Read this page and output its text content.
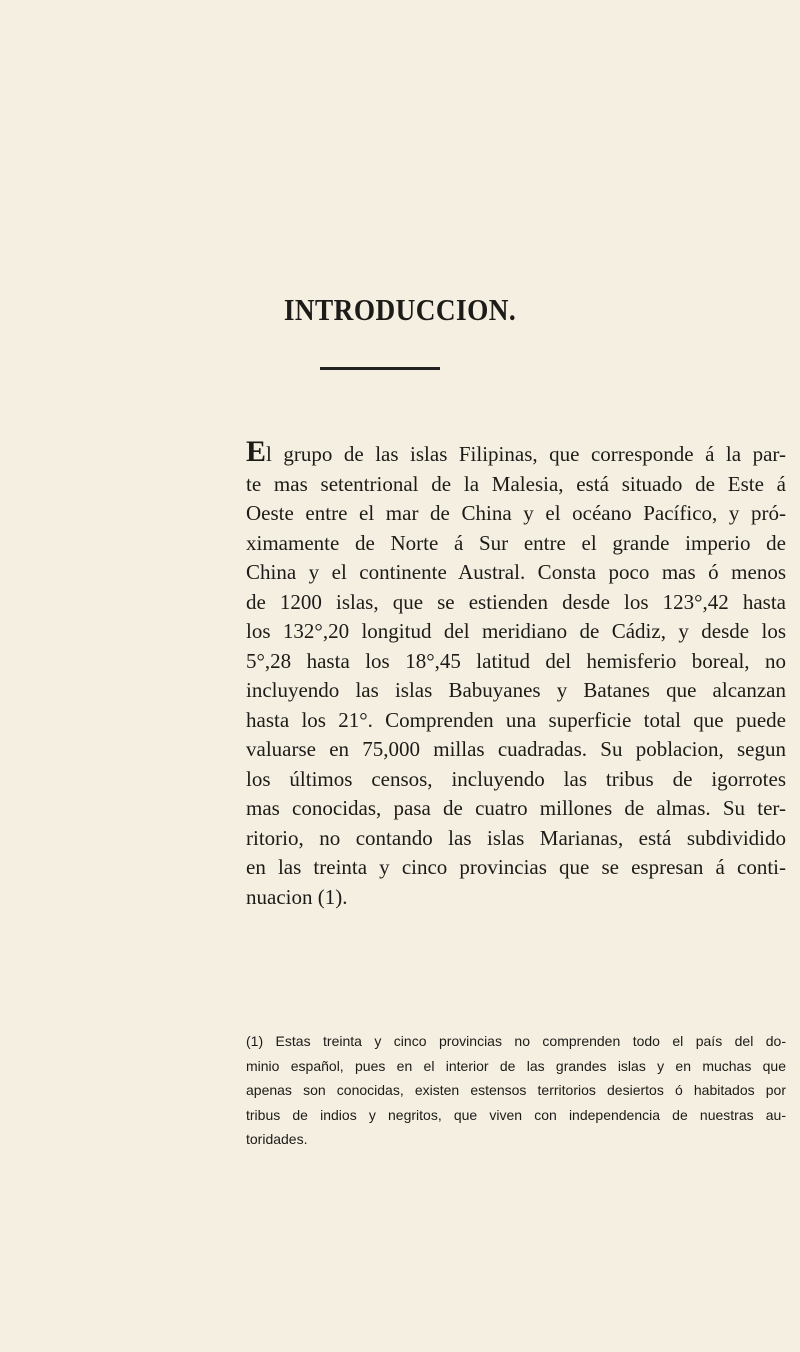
INTRODUCCION.
El grupo de las islas Filipinas, que corresponde á la par-
te mas setentrional de la Malesia, está situado de Este á
Oeste entre el mar de China y el océano Pacífico, y pró-
ximamente de Norte á Sur entre el grande imperio de
China y el continente Austral. Consta poco mas ó menos
de 1200 islas, que se estienden desde los 123°,42 hasta
los 132°,20 longitud del meridiano de Cádiz, y desde los
5°,28 hasta los 18°,45 latitud del hemisferio boreal, no
incluyendo las islas Babuyanes y Batanes que alcanzan
hasta los 21°. Comprenden una superficie total que puede
valuarse en 75,000 millas cuadradas. Su poblacion, segun
los últimos censos, incluyendo las tribus de igorrotes
mas conocidas, pasa de cuatro millones de almas. Su ter-
ritorio, no contando las islas Marianas, está subdividido
en las treinta y cinco provincias que se espresan á conti-
nuacion (1).
(1) Estas treinta y cinco provincias no comprenden todo el país del do-
minio español, pues en el interior de las grandes islas y en muchas que
apenas son conocidas, existen estensos territorios desiertos ó habitados por
tribus de indios y negritos, que viven con independencia de nuestras au-
toridades.
